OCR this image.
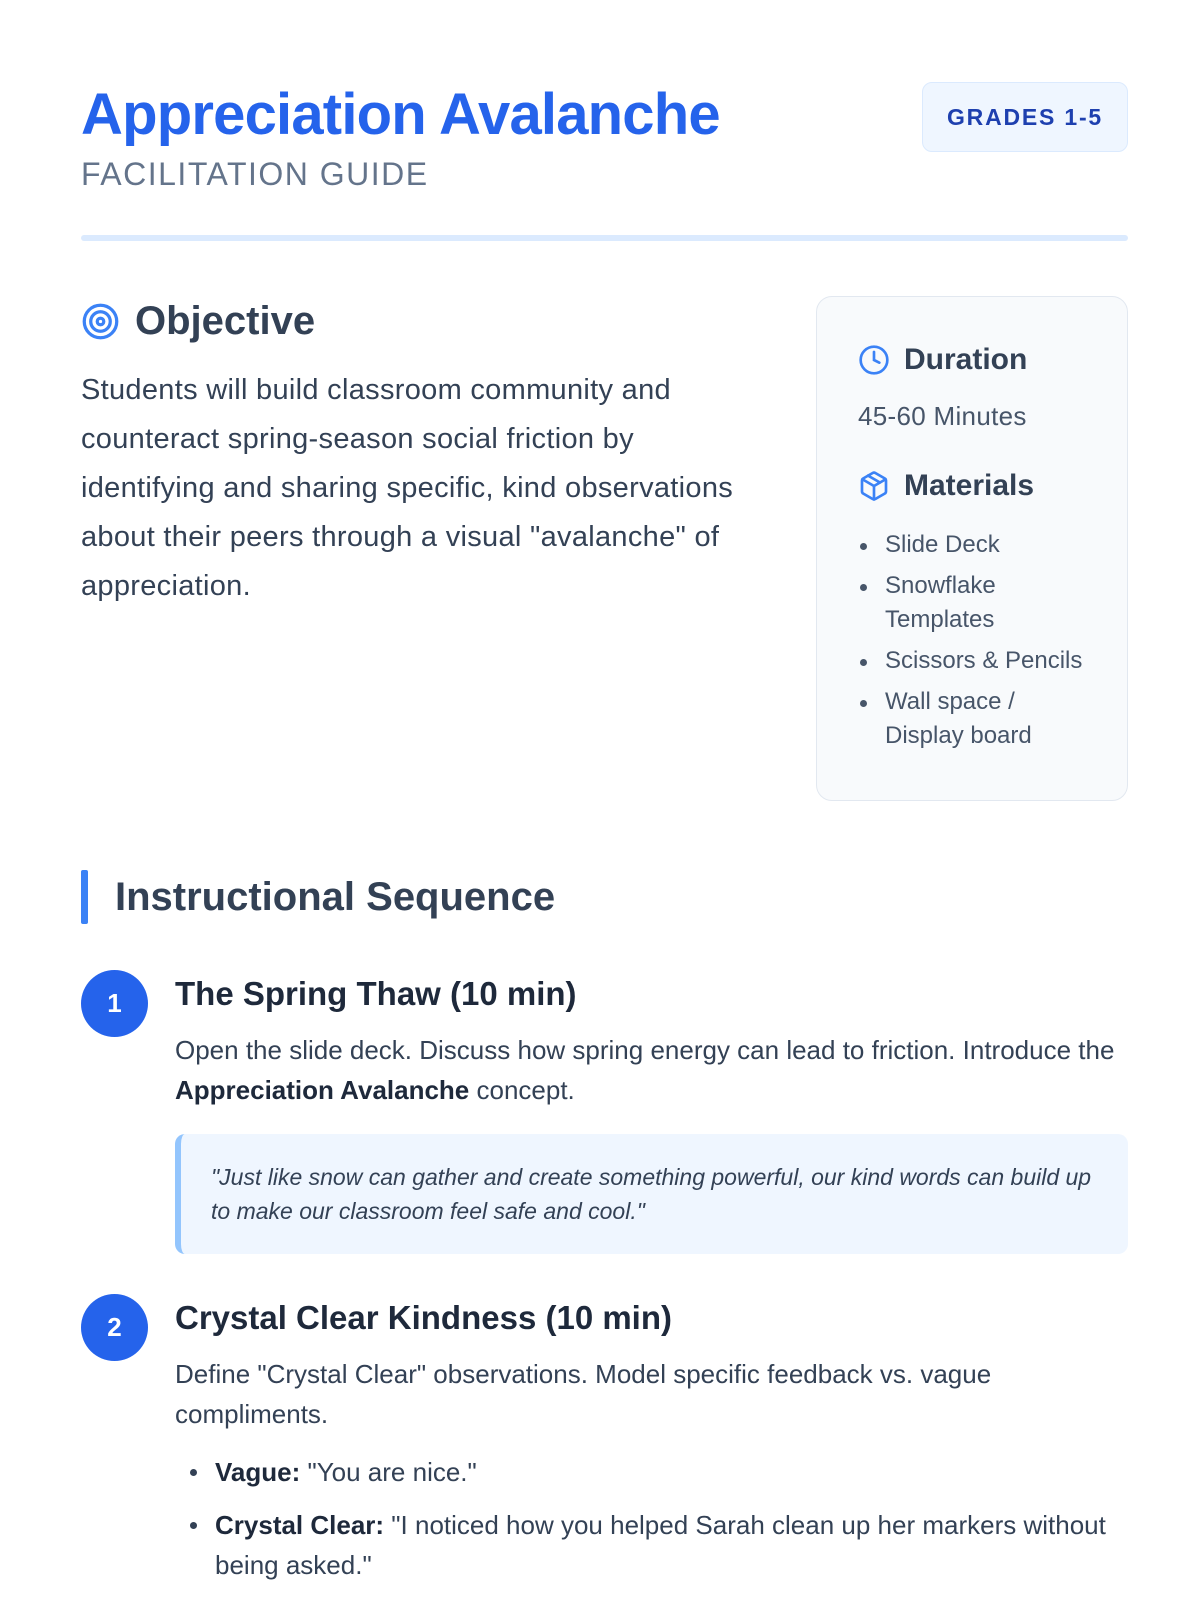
Appreciation Avalanche
FACILITATION GUIDE
GRADES 1-5
Objective

Students will build classroom community and counteract spring-season social friction by identifying and sharing specific, kind observations about their peers through a visual "avalanche" of appreciation.

Duration
45-60 Minutes
Materials
Slide Deck
Snowflake Templates
Scissors & Pencils
Wall space / Display board
Instructional Sequence
1	The Spring Thaw (10 min)

Open the slide deck. Discuss how spring energy can lead to friction. Introduce the Appreciation Avalanche concept.

"Just like snow can gather and create something powerful, our kind words can build up to make our classroom feel safe and cool."
2	Crystal Clear Kindness (10 min)

Define "Crystal Clear" observations. Model specific feedback vs. vague compliments.

Vague: "You are nice."
Crystal Clear: "I noticed how you helped Sarah clean up her markers without being asked."
